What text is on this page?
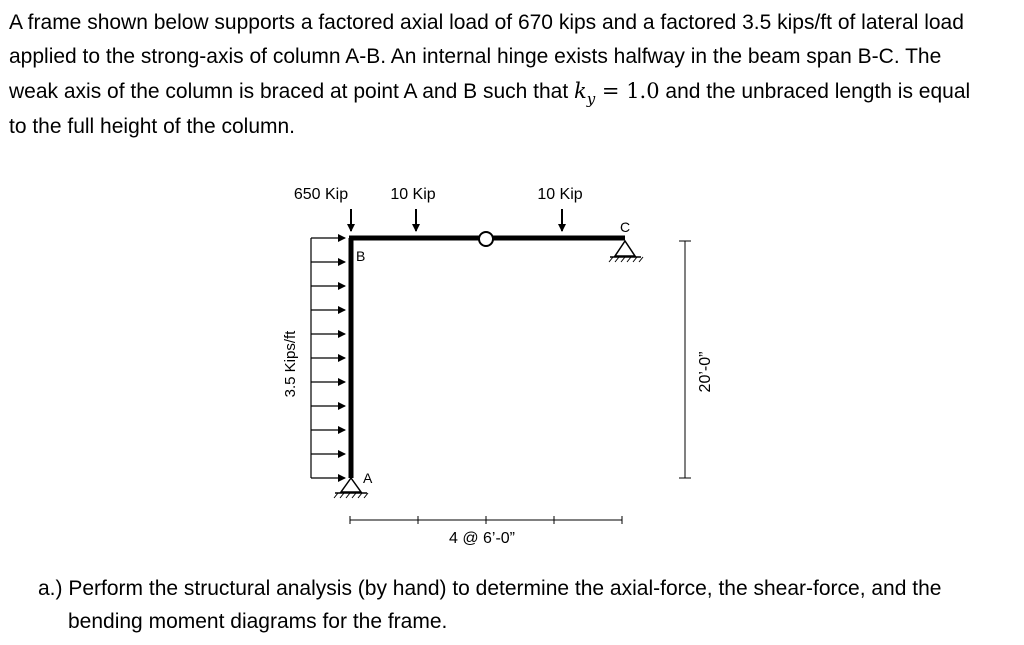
A frame shown below supports a factored axial load of 670 kips and a factored 3.5 kips/ft of lateral load
applied to the strong-axis of column A-B. An internal hinge exists halfway in the beam span B-C. The
weak axis of the column is braced at point A and B such that $k_y = 1.0$ and the unbraced length is equal
to the full height of the column.
B
A
C
650 Kip	10 Kip	10 Kip
3.5 Kips/ft	20’-0”
4 @ 6’-0”
a.) Perform the structural analysis (by hand) to determine the axial-force, the shear-force, and the
bending moment diagrams for the frame.
